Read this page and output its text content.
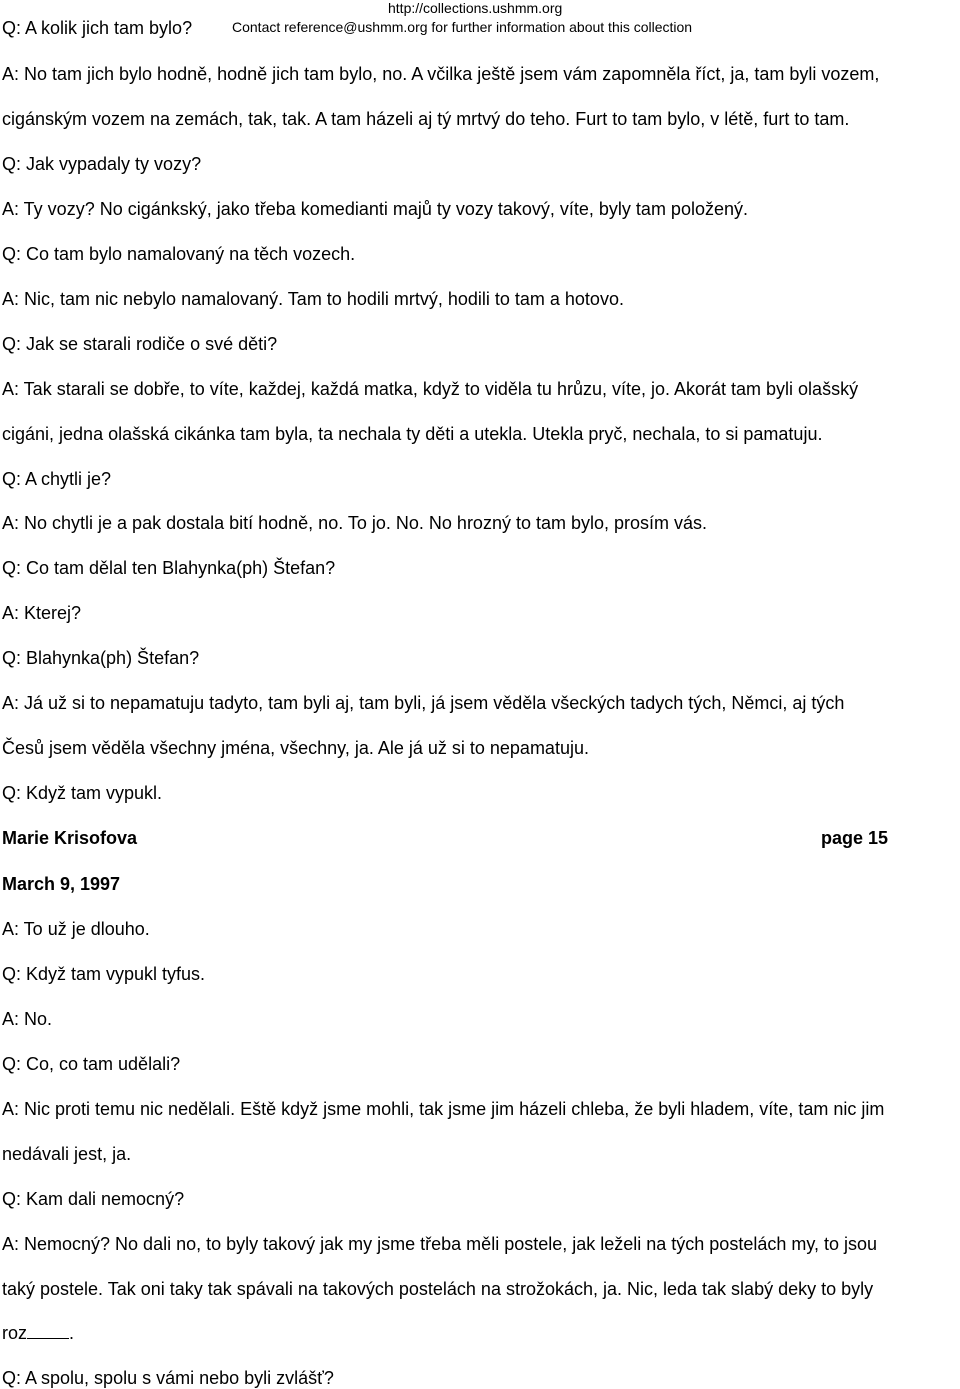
http://collections.ushmm.org
Q: A kolik jich tam bylo?	Contact reference@ushmm.org for further information about this collection
A: No tam jich bylo hodně, hodně jich tam bylo, no. A včilka ještě jsem vám zapomněla říct, ja, tam byli vozem,
cigánským vozem na zemách, tak, tak. A tam házeli aj tý mrtvý do teho. Furt to tam bylo, v létě, furt to tam.
Q: Jak vypadaly ty vozy?
A: Ty vozy? No cigánkský, jako třeba komedianti majů ty vozy takový, víte, byly tam položený.
Q: Co tam bylo namalovaný na těch vozech.
A: Nic, tam nic nebylo namalovaný. Tam to hodili mrtvý, hodili to tam a hotovo.
Q: Jak se starali rodiče o své děti?
A: Tak starali se dobře, to víte, každej, každá matka, když to viděla tu hrůzu, víte, jo. Akorát tam byli olašský
cigáni, jedna olašská cikánka tam byla, ta nechala ty děti a utekla. Utekla pryč, nechala, to si pamatuju.
Q: A chytli je?
A: No chytli je a pak dostala bití hodně, no. To jo. No. No hrozný to tam bylo, prosím vás.
Q: Co tam dělal ten Blahynka(ph) Štefan?
A: Kterej?
Q: Blahynka(ph) Štefan?
A: Já už si to nepamatuju tadyto, tam byli aj, tam byli, já jsem věděla všeckých tadych tých, Němci, aj tých
Česů jsem věděla všechny jména, všechny, ja. Ale já už si to nepamatuju.
Q: Když tam vypukl.
Marie Krisofova	page 15
March 9, 1997
A: To už je dlouho.
Q: Když tam vypukl tyfus.
A: No.
Q: Co, co tam udělali?
A: Nic proti temu nic nedělali. Eště když jsme mohli, tak jsme jim házeli chleba, že byli hladem, víte, tam nic jim
nedávali jest, ja.
Q: Kam dali nemocný?
A: Nemocný? No dali no, to byly takový jak my jsme třeba měli postele, jak leželi na tých postelách my, to jsou
taký postele. Tak oni taky tak spávali na takových postelách na strožokách, ja. Nic, leda tak slabý deky to byly
roz .
Q: A spolu, spolu s vámi nebo byli zvlášť?
